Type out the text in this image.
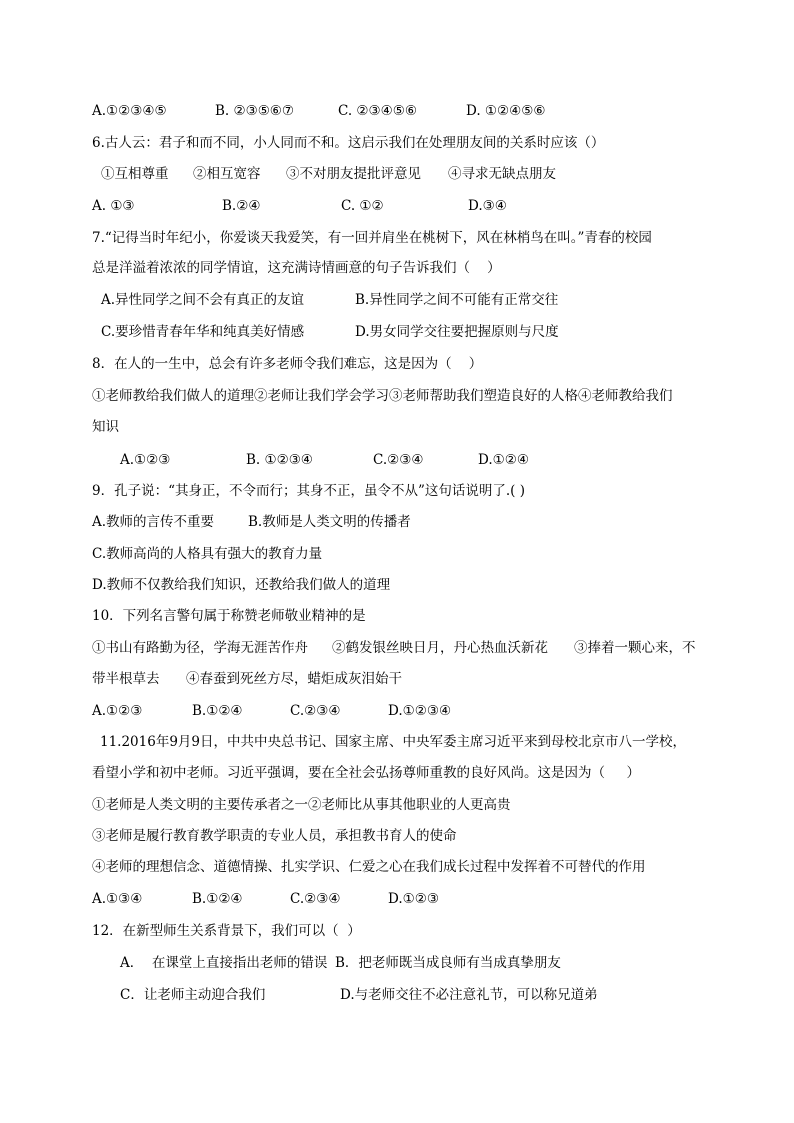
A.①②③④⑤

	B. ②③⑤⑥⑦

	C. ②③④⑤⑥

	D. ①②④⑤⑥

6.古人云：君子和而不同，小人同而不和。这启示我们在处理朋友间的关系时应该（）

①互相尊重

②相互宽容

③不对朋友提批评意见

④寻求无缺点朋友

A. ①③

	B.②④

	C. ①②

	D.③④

7.“记得当时年纪小，你爱谈天我爱笑，有一回并肩坐在桃树下，风在林梢鸟在叫。”青春的校园

总是洋溢着浓浓的同学情谊，这充满诗情画意的句子告诉我们（    ）

A.异性同学之间不会有真正的友谊

	B.异性同学之间不可能有正常交往

C.要珍惜青春年华和纯真美好情感

	D.男女同学交往要把握原则与尺度

8．在人的一生中，总会有许多老师令我们难忘，这是因为（    ）

①老师教给我们做人的道理②老师让我们学会学习③老师帮助我们塑造良好的人格④老师教给我们

知识

A.①②③

	B. ①②③④

	C.②③④

	D.①②④

9．孔子说：“其身正，不令而行；其身不正，虽令不从”这句话说明了.( )

A.教师的言传不重要

	B.教师是人类文明的传播者

C.教师高尚的人格具有强大的教育力量

D.教师不仅教给我们知识，还教给我们做人的道理

10．下列名言警句属于称赞老师敬业精神的是

①书山有路勤为径，学海无涯苦作舟

②鹤发银丝映日月，丹心热血沃新花

③捧着一颗心来，不

带半根草去

④春蚕到死丝方尽，蜡炬成灰泪始干

A.①②③

	B.①②④

	C.②③④

	D.①②③④

11.2016年9月9日，中共中央总书记、国家主席、中央军委主席习近平来到母校北京市八一学校，

看望小学和初中老师。习近平强调，要在全社会弘扬尊师重教的良好风尚。这是因为（     ）

①老师是人类文明的主要传承者之一②老师比从事其他职业的人更高贵

③老师是履行教育教学职责的专业人员，承担教书育人的使命

④老师的理想信念、道德情操、扎实学识、仁爱之心在我们成长过程中发挥着不可替代的作用

A.①③④

	B.①②④

	C.②③④

	D.①②③

12．在新型师生关系背景下，我们可以（  ）

A．  在课堂上直接指出老师的错误

B．把老师既当成良师有当成真挚朋友

C．让老师主动迎合我们

	D.与老师交往不必注意礼节，可以称兄道弟
